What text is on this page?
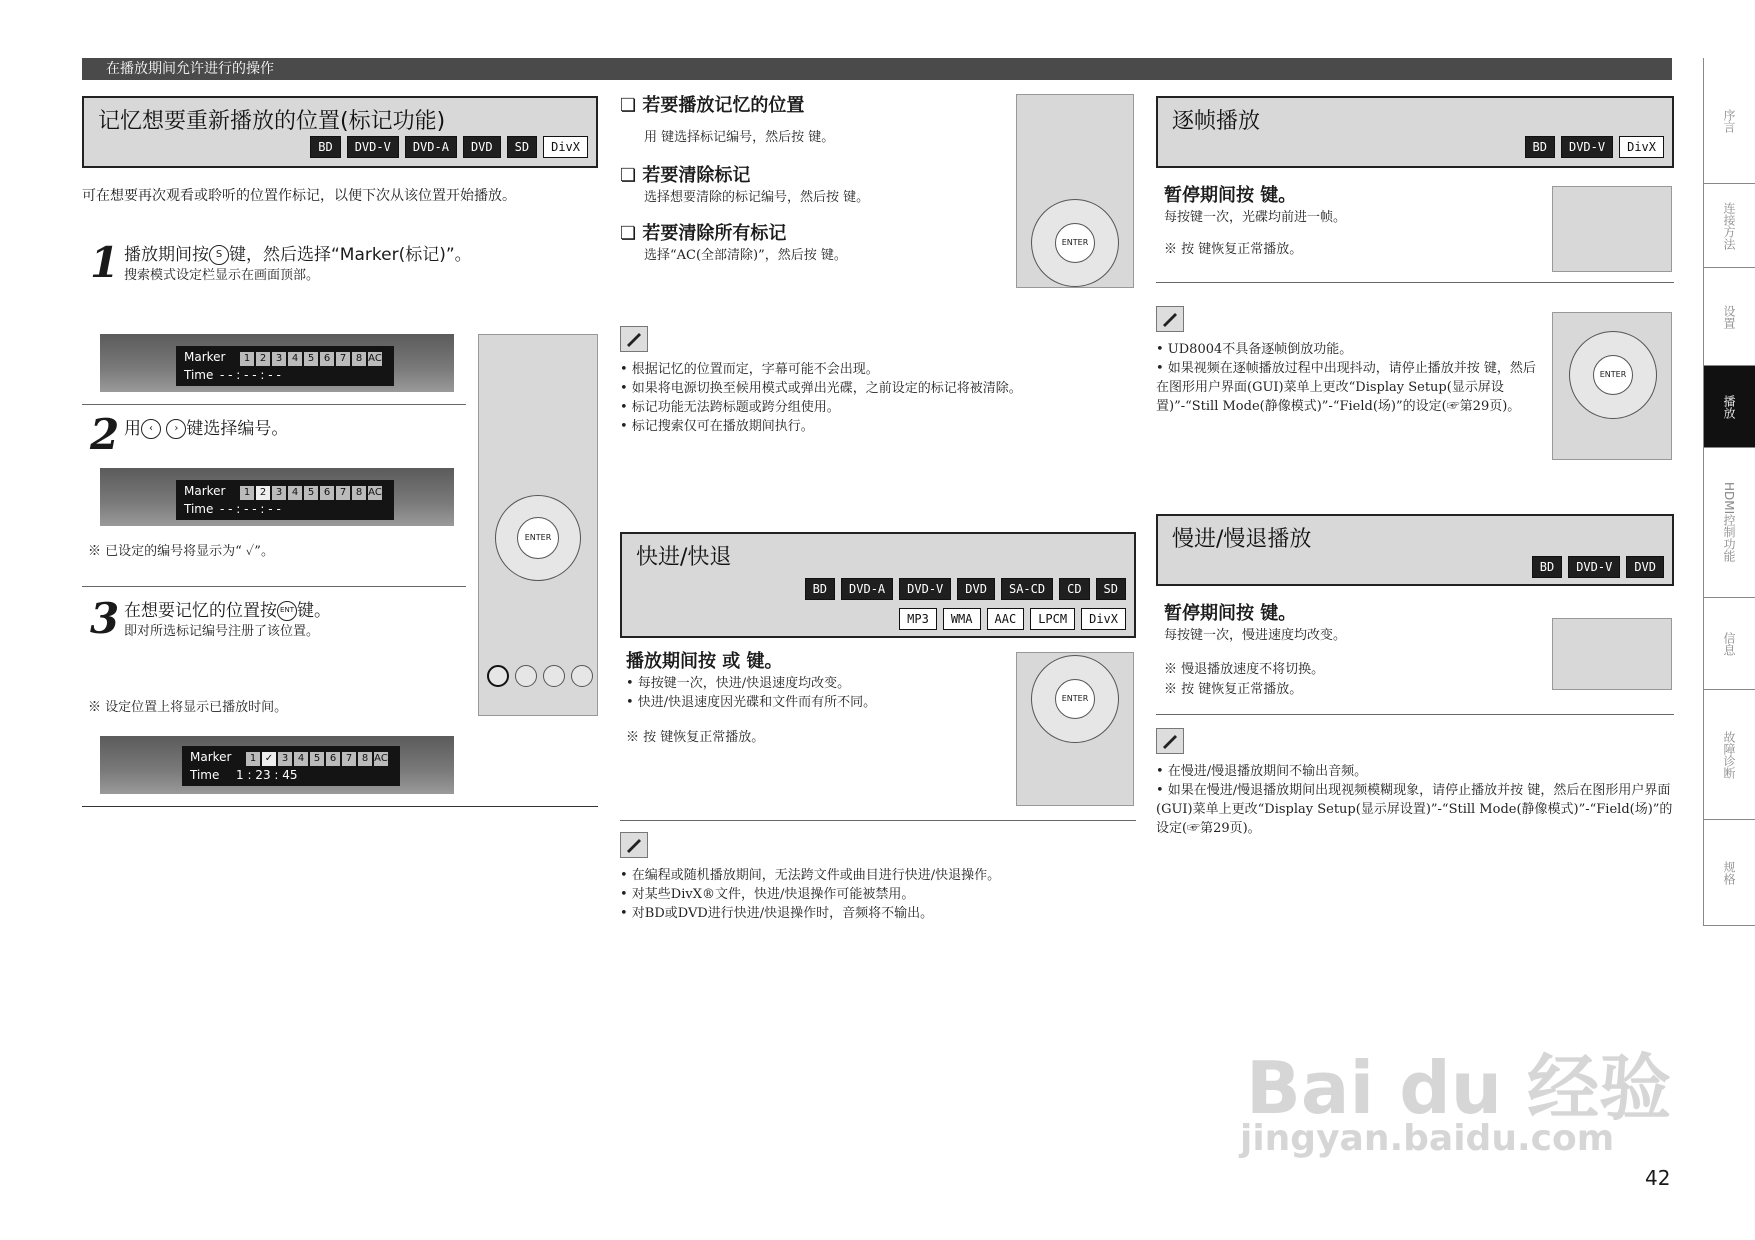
在播放期间允许进行的操作
记忆想要重新播放的位置(标记功能)
BD	DVD-V	DVD-A	DVD	SD	DivX
可在想要再次观看或聆听的位置作标记，以便下次从该位置开始播放。
1 播放期间按 S 键，然后选择“Marker(标记)”。
搜索模式设定栏显示在画面顶部。
Marker 1 2 3 4 5 6 7 8 AC
Time - - : - - : - -
2 用 ‹ › 键选择编号。
Marker 1 2 3 4 5 6 7 8 AC
Time - - : - - : - -
※ 已设定的编号将显示为“ ✓”。
3 在想要记忆的位置按 ENT 键。
即对所选标记编号注册了该位置。
※ 设定位置上将显示已播放时间。
Marker 1 ✓ 3 4 5 6 7 8 AC
Time 1 : 23 : 45
ENTER
❏ 若要播放记忆的位置
用 键选择标记编号，然后按 键。
❏ 若要清除标记
选择想要清除的标记编号，然后按 键。
❏ 若要清除所有标记
选择“AC(全部清除)”，然后按 键。
ENTER
• 根据记忆的位置而定，字幕可能不会出现。
• 如果将电源切换至候用模式或弹出光碟，之前设定的标记将被清除。
• 标记功能无法跨标题或跨分组使用。
• 标记搜索仅可在播放期间执行。
快进/快退
BD	DVD-A	DVD-V	DVD	SA-CD	CD	SD
MP3	WMA	AAC	LPCM	DivX
播放期间按 或 键。
• 每按键一次，快进/快退速度均改变。
• 快进/快退速度因光碟和文件而有所不同。
※ 按 键恢复正常播放。
ENTER
• 在编程或随机播放期间，无法跨文件或曲目进行快进/快退操作。
• 对某些DivX®文件，快进/快退操作可能被禁用。
• 对BD或DVD进行快进/快退操作时，音频将不输出。
逐帧播放
BD	DVD-V	DivX
暂停期间按 键。
每按键一次，光碟均前进一帧。
※ 按 键恢复正常播放。
• UD8004不具备逐帧倒放功能。
• 如果视频在逐帧播放过程中出现抖动，请停止播放并按 键，然后在图形用户界面(GUI)菜单上更改“Display Setup(显示屏设置)”-“Still Mode(静像模式)”-“Field(场)”的设定(☞第29页)。
ENTER
慢进/慢退播放
BD	DVD-V	DVD
暂停期间按 键。
每按键一次，慢进速度均改变。
※ 慢退播放速度不将切换。
※ 按 键恢复正常播放。
• 在慢进/慢退播放期间不输出音频。
• 如果在慢进/慢退播放期间出现视频模糊现象，请停止播放并按 键，然后在图形用户界面(GUI)菜单上更改“Display Setup(显示屏设置)”-“Still Mode(静像模式)”-“Field(场)”的设定(☞第29页)。
序言
连接方法
设置
播放
HDMI控制功能
信息
故障诊断
规格
Bai du 经验
jingyan.baidu.com
42
